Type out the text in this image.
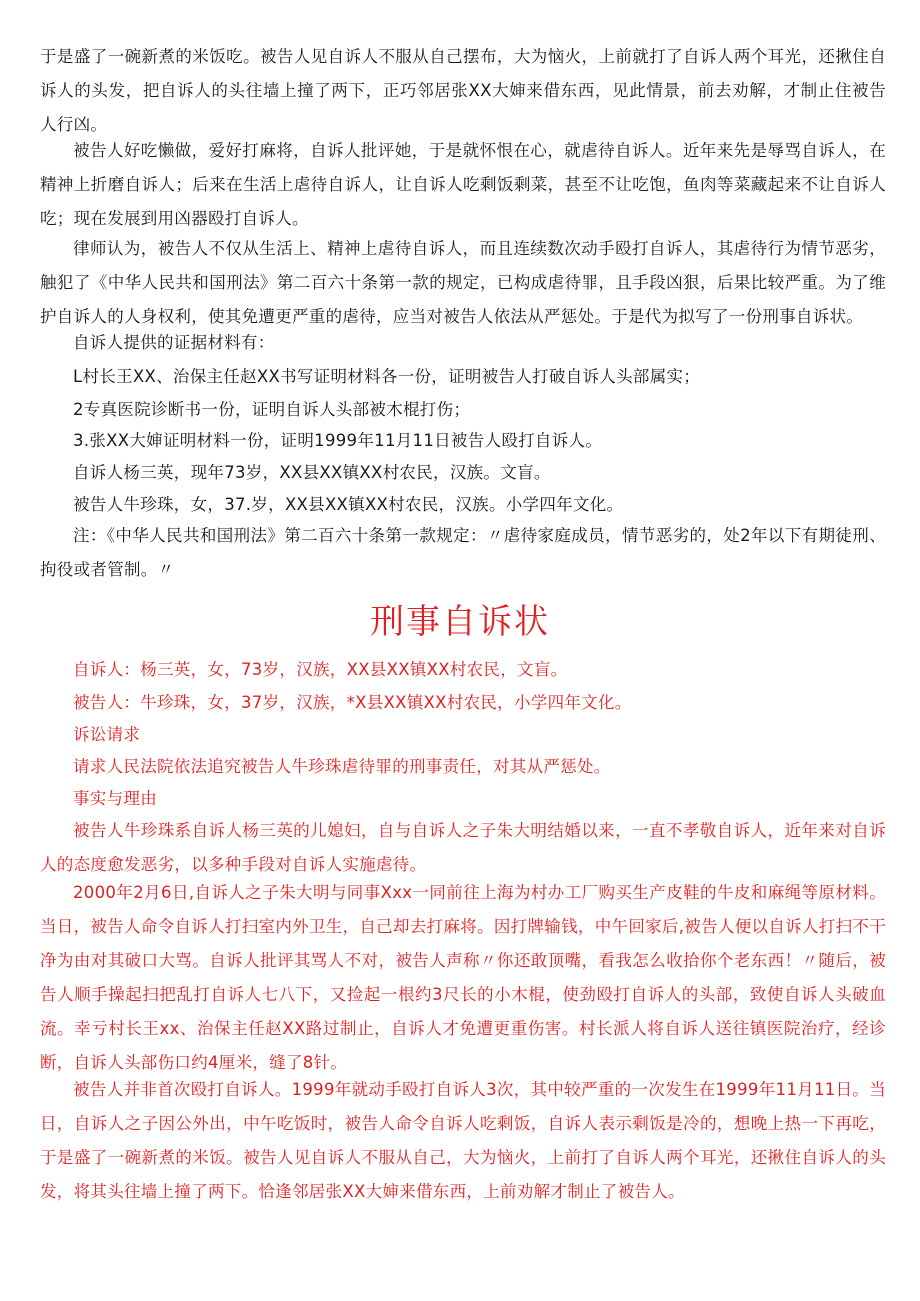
于是盛了一碗新煮的米饭吃。被告人见自诉人不服从自己摆布，大为恼火，上前就打了自诉人两个耳光，还揪住自诉人的头发，把自诉人的头往墙上撞了两下，正巧邻居张XX大婶来借东西，见此情景，前去劝解，才制止住被告人行凶。

被告人好吃懒做，爱好打麻将，自诉人批评她，于是就怀恨在心，就虐待自诉人。近年来先是辱骂自诉人，在精神上折磨自诉人；后来在生活上虐待自诉人，让自诉人吃剩饭剩菜，甚至不让吃饱，鱼肉等菜藏起来不让自诉人吃；现在发展到用凶器殴打自诉人。

律师认为，被告人不仅从生活上、精神上虐待自诉人，而且连续数次动手殴打自诉人，其虐待行为情节恶劣，触犯了《中华人民共和国刑法》第二百六十条第一款的规定，已构成虐待罪，且手段凶狠，后果比较严重。为了维护自诉人的人身权利，使其免遭更严重的虐待，应当对被告人依法从严惩处。于是代为拟写了一份刑事自诉状。

自诉人提供的证据材料有：

L村长王XX、治保主任赵XX书写证明材料各一份，证明被告人打破自诉人头部属实；

2专真医院诊断书一份，证明自诉人头部被木棍打伤；

3.张XX大婶证明材料一份，证明1999年11月11日被告人殴打自诉人。

自诉人杨三英，现年73岁，XX县XX镇XX村农民，汉族。文盲。

被告人牛珍珠，女，37.岁，XX县XX镇XX村农民，汉族。小学四年文化。

注：《中华人民共和国刑法》第二百六十条第一款规定：〃虐待家庭成员，情节恶劣的，处2年以下有期徒刑、拘役或者管制。〃

刑事自诉状

自诉人：杨三英，女，73岁，汉族，XX县XX镇XX村农民，文盲。

被告人：牛珍珠，女，37岁，汉族，*X县XX镇XX村农民，小学四年文化。

诉讼请求

请求人民法院依法追究被告人牛珍珠虐待罪的刑事责任，对其从严惩处。

事实与理由

被告人牛珍珠系自诉人杨三英的儿媳妇，自与自诉人之子朱大明结婚以来，一直不孝敬自诉人，近年来对自诉人的态度愈发恶劣，以多种手段对自诉人实施虐待。

2000年2月6日,自诉人之子朱大明与同事Xxx一同前往上海为村办工厂购买生产皮鞋的牛皮和麻绳等原材料。当日，被告人命令自诉人打扫室内外卫生，自己却去打麻将。因打牌输钱，中午回家后,被告人便以自诉人打扫不干净为由对其破口大骂。自诉人批评其骂人不对，被告人声称〃你还敢顶嘴，看我怎么收拾你个老东西！〃随后，被告人顺手操起扫把乱打自诉人七八下，又捡起一根约3尺长的小木棍，使劲殴打自诉人的头部，致使自诉人头破血流。幸亏村长王xx、治保主任赵XX路过制止，自诉人才免遭更重伤害。村长派人将自诉人送往镇医院治疗，经诊断，自诉人头部伤口约4厘米，缝了8针。

被告人并非首次殴打自诉人。1999年就动手殴打自诉人3次，其中较严重的一次发生在1999年11月11日。当日，自诉人之子因公外出，中午吃饭时，被告人命令自诉人吃剩饭，自诉人表示剩饭是冷的，想晚上热一下再吃，于是盛了一碗新煮的米饭。被告人见自诉人不服从自己，大为恼火，上前打了自诉人两个耳光，还揪住自诉人的头发，将其头往墙上撞了两下。恰逢邻居张XX大婶来借东西，上前劝解才制止了被告人。
